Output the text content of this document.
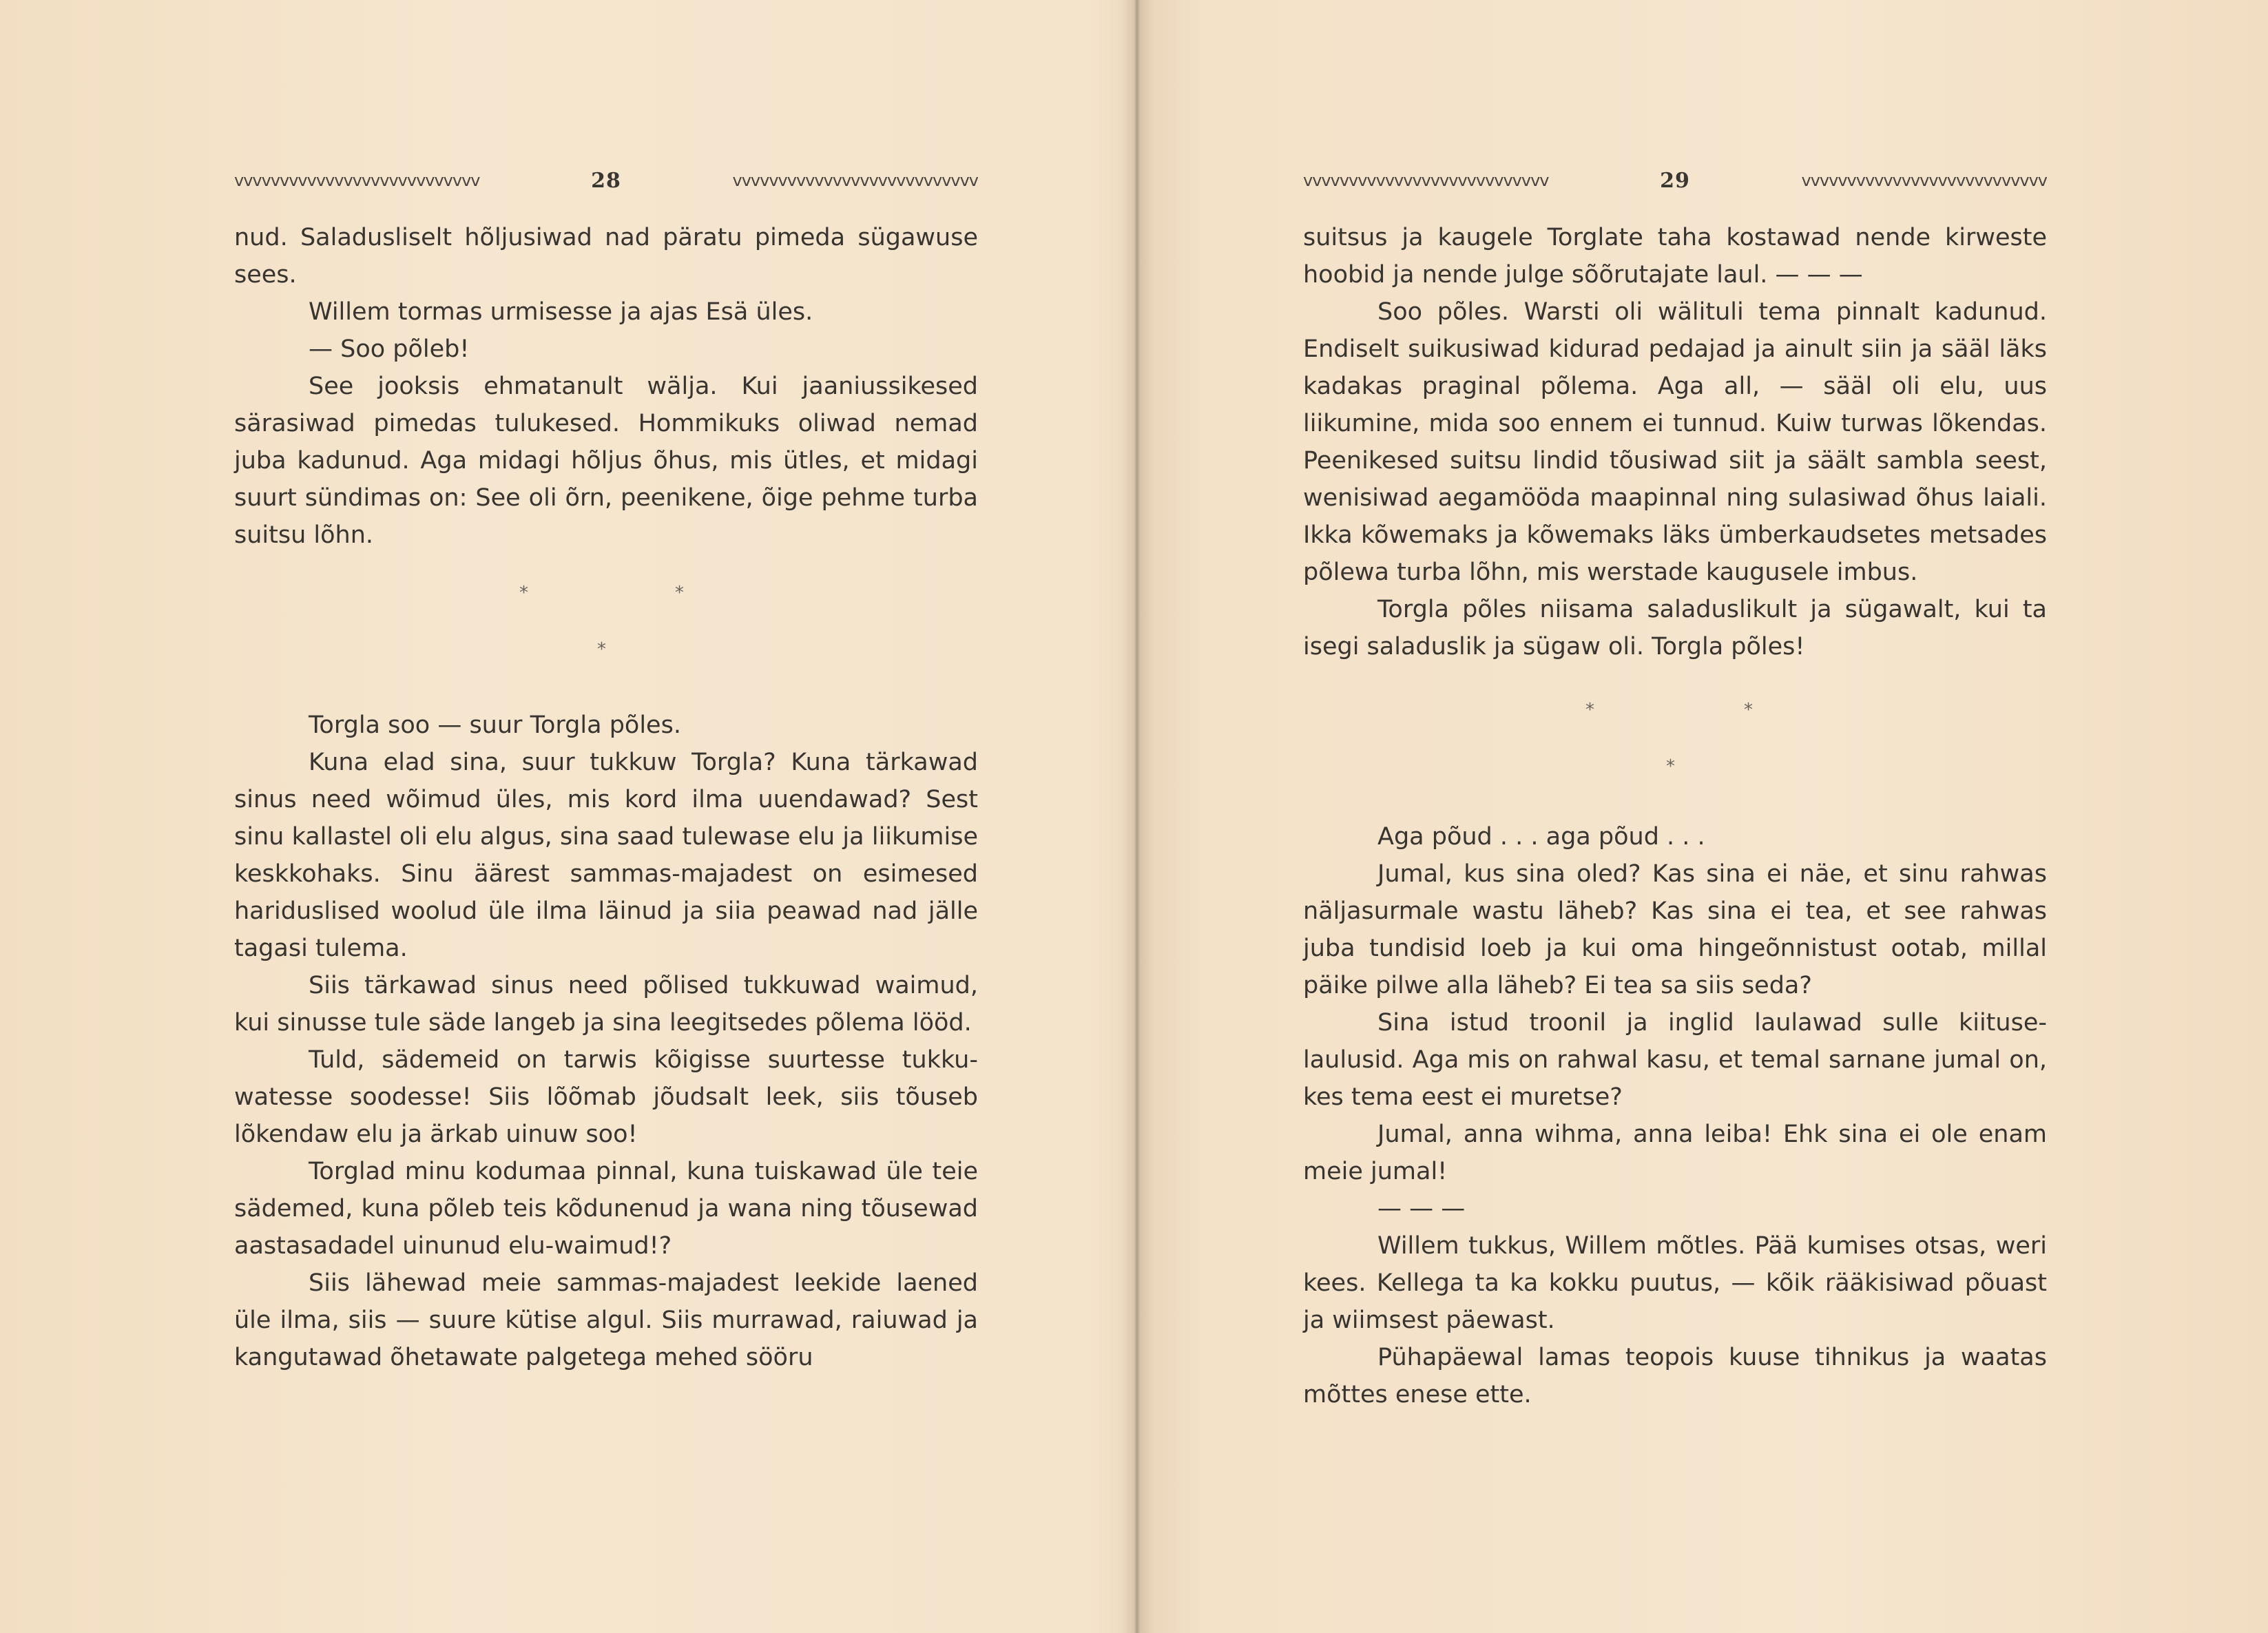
vvvvvvvvvvvvvvvvvvvvvvvvvvv	28	vvvvvvvvvvvvvvvvvvvvvvvvvvv

nud. Saladusliselt hõljusiwad nad päratu pimeda sügawuse sees.

Willem tormas urmisesse ja ajas Esä üles.

— Soo põleb!

See jooksis ehmatanult wälja. Kui jaaniussikesed särasiwad pimedas tulukesed. Hommikuks oliwad nemad juba kadunud. Aga midagi hõljus õhus, mis ütles, et midagi suurt sündimas on: See oli õrn, peenikene, õige pehme turba suitsu lõhn.

*	*
*

Torgla soo — suur Torgla põles.

Kuna elad sina, suur tukkuw Torgla? Kuna tärkawad sinus need wõimud üles, mis kord ilma uuendawad? Sest sinu kallastel oli elu algus, sina saad tulewase elu ja liikumise keskkohaks. Sinu äärest sammas-majadest on esimesed hariduslised woolud üle ilma läinud ja siia peawad nad jälle tagasi tulema.

Siis tärkawad sinus need põlised tukkuwad waimud, kui sinusse tule säde langeb ja sina leegitsedes põlema lööd.

Tuld, sädemeid on tarwis kõigisse suurtesse tukkuwatesse soodesse! Siis lõõmab jõudsalt leek, siis tõuseb lõkendaw elu ja ärkab uinuw soo!

Torglad minu kodumaa pinnal, kuna tuiskawad üle teie sädemed, kuna põleb teis kõdunenud ja wana ning tõusewad aastasadadel uinunud elu-waimud!?

Siis lähewad meie sammas-majadest leekide laened üle ilma, siis — suure kütise algul. Siis murrawad, raiuwad ja kangutawad õhetawate palgetega mehed sööru

vvvvvvvvvvvvvvvvvvvvvvvvvvv	29	vvvvvvvvvvvvvvvvvvvvvvvvvvv

suitsus ja kaugele Torglate taha kostawad nende kirweste hoobid ja nende julge sõõrutajate laul. — — —

Soo põles. Warsti oli wälituli tema pinnalt kadunud. Endiselt suikusiwad kidurad pedajad ja ainult siin ja sääl läks kadakas praginal põlema. Aga all, — sääl oli elu, uus liikumine, mida soo ennem ei tunnud. Kuiw turwas lõkendas. Peenikesed suitsu lindid tõusiwad siit ja säält sambla seest, wenisiwad aegamööda maapinnal ning sulasiwad õhus laiali. Ikka kõwemaks ja kõwemaks läks ümberkaudsetes metsades põlewa turba lõhn, mis werstade kaugusele imbus.

Torgla põles niisama saladuslikult ja sügawalt, kui ta isegi saladuslik ja sügaw oli. Torgla põles!

*	*
*

Aga põud . . . aga põud . . .

Jumal, kus sina oled? Kas sina ei näe, et sinu rahwas näljasurmale wastu läheb? Kas sina ei tea, et see rahwas juba tundisid loeb ja kui oma hingeõnnistust ootab, millal päike pilwe alla läheb? Ei tea sa siis seda?

Sina istud troonil ja inglid laulawad sulle kiituselaulusid. Aga mis on rahwal kasu, et temal sarnane jumal on, kes tema eest ei muretse?

Jumal, anna wihma, anna leiba! Ehk sina ei ole enam meie jumal!

— — —

Willem tukkus, Willem mõtles. Pää kumises otsas, weri kees. Kellega ta ka kokku puutus, — kõik rääkisiwad põuast ja wiimsest päewast.

Pühapäewal lamas teopois kuuse tihnikus ja waatas mõttes enese ette.
